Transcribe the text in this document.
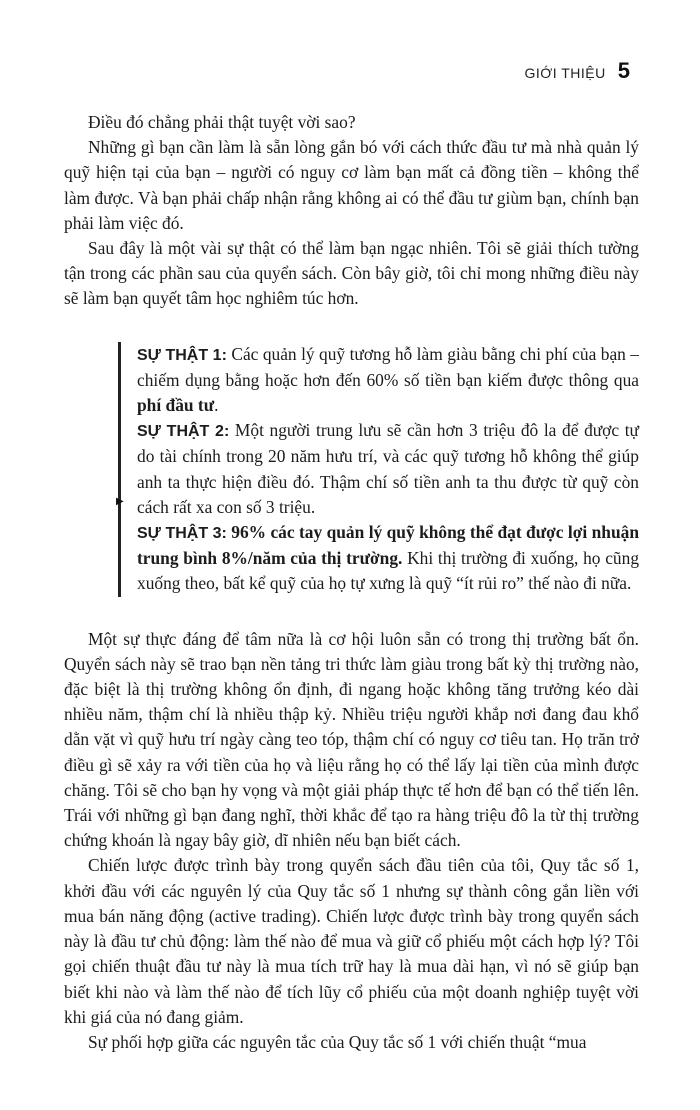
GIỚI THIỆU 5

Điều đó chẳng phải thật tuyệt vời sao?

Những gì bạn cần làm là sẵn lòng gắn bó với cách thức đầu tư mà nhà quản lý quỹ hiện tại của bạn – người có nguy cơ làm bạn mất cả đồng tiền – không thể làm được. Và bạn phải chấp nhận rằng không ai có thể đầu tư giùm bạn, chính bạn phải làm việc đó.

Sau đây là một vài sự thật có thể làm bạn ngạc nhiên. Tôi sẽ giải thích tường tận trong các phần sau của quyển sách. Còn bây giờ, tôi chỉ mong những điều này sẽ làm bạn quyết tâm học nghiêm túc hơn.

▶

SỰ THẬT 1: Các quản lý quỹ tương hỗ làm giàu bằng chi phí của bạn – chiếm dụng bằng hoặc hơn đến 60% số tiền bạn kiếm được thông qua phí đầu tư.

SỰ THẬT 2: Một người trung lưu sẽ cần hơn 3 triệu đô la để được tự do tài chính trong 20 năm hưu trí, và các quỹ tương hỗ không thể giúp anh ta thực hiện điều đó. Thậm chí số tiền anh ta thu được từ quỹ còn cách rất xa con số 3 triệu.

SỰ THẬT 3: 96% các tay quản lý quỹ không thể đạt được lợi nhuận trung bình 8%/năm của thị trường. Khi thị trường đi xuống, họ cũng xuống theo, bất kể quỹ của họ tự xưng là quỹ “ít rủi ro” thế nào đi nữa.

Một sự thực đáng để tâm nữa là cơ hội luôn sẵn có trong thị trường bất ổn. Quyển sách này sẽ trao bạn nền tảng tri thức làm giàu trong bất kỳ thị trường nào, đặc biệt là thị trường không ổn định, đi ngang hoặc không tăng trưởng kéo dài nhiều năm, thậm chí là nhiều thập kỷ. Nhiều triệu người khắp nơi đang đau khổ dằn vặt vì quỹ hưu trí ngày càng teo tóp, thậm chí có nguy cơ tiêu tan. Họ trăn trở điều gì sẽ xảy ra với tiền của họ và liệu rằng họ có thể lấy lại tiền của mình được chăng. Tôi sẽ cho bạn hy vọng và một giải pháp thực tế hơn để bạn có thể tiến lên. Trái với những gì bạn đang nghĩ, thời khắc để tạo ra hàng triệu đô la từ thị trường chứng khoán là ngay bây giờ, dĩ nhiên nếu bạn biết cách.

Chiến lược được trình bày trong quyển sách đầu tiên của tôi, Quy tắc số 1, khởi đầu với các nguyên lý của Quy tắc số 1 nhưng sự thành công gắn liền với mua bán năng động (active trading). Chiến lược được trình bày trong quyển sách này là đầu tư chủ động: làm thế nào để mua và giữ cổ phiếu một cách hợp lý? Tôi gọi chiến thuật đầu tư này là mua tích trữ hay là mua dài hạn, vì nó sẽ giúp bạn biết khi nào và làm thế nào để tích lũy cổ phiếu của một doanh nghiệp tuyệt vời khi giá của nó đang giảm.

Sự phối hợp giữa các nguyên tắc của Quy tắc số 1 với chiến thuật “mua
